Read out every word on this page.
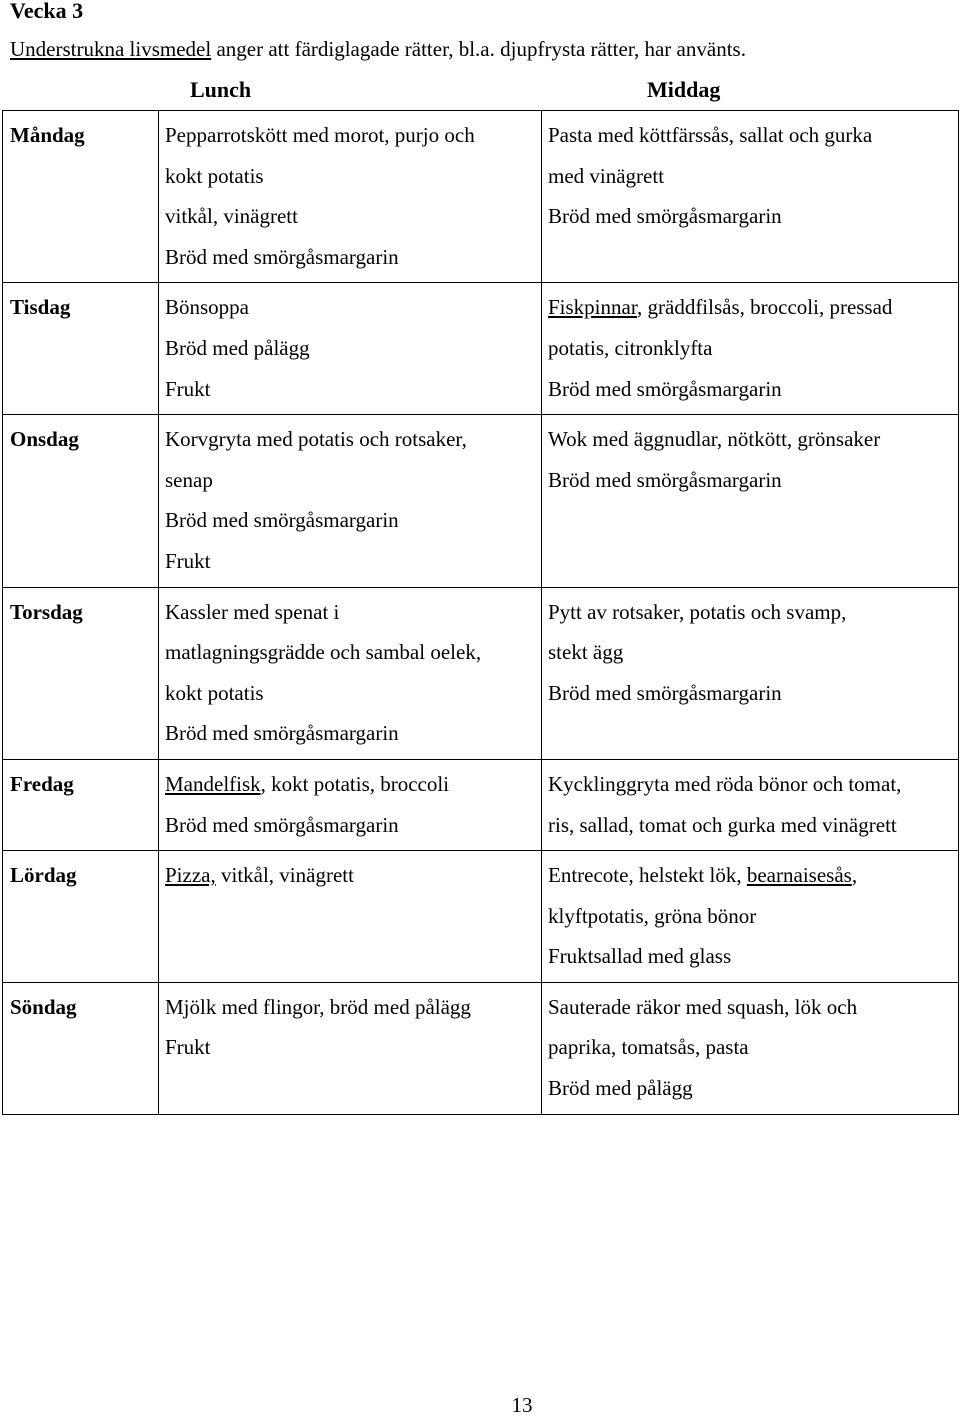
Vecka 3
Understrukna livsmedel anger att färdiglagade rätter, bl.a. djupfrysta rätter, har använts.
Lunch	Middag
Måndag	Pepparrotskött med morot, purjo och
kokt potatis
vitkål, vinägrett
Bröd med smörgåsmargarin	Pasta med köttfärssås, sallat och gurka
med vinägrett
Bröd med smörgåsmargarin

Tisdag	Bönsoppa
Bröd med pålägg
Frukt	Fiskpinnar, gräddfilsås, broccoli, pressad
potatis, citronklyfta
Bröd med smörgåsmargarin

Onsdag	Korvgryta med potatis och rotsaker,
senap
Bröd med smörgåsmargarin
Frukt	Wok med äggnudlar, nötkött, grönsaker
Bröd med smörgåsmargarin

Torsdag	Kassler med spenat i
matlagningsgrädde och sambal oelek,
kokt potatis
Bröd med smörgåsmargarin	Pytt av rotsaker, potatis och svamp,
stekt ägg
Bröd med smörgåsmargarin

Fredag	Mandelfisk, kokt potatis, broccoli
Bröd med smörgåsmargarin	Kycklinggryta med röda bönor och tomat,
ris, sallad, tomat och gurka med vinägrett

Lördag	Pizza, vitkål, vinägrett	Entrecote, helstekt lök, bearnaisesås,
klyftpotatis, gröna bönor
Fruktsallad med glass

Söndag	Mjölk med flingor, bröd med pålägg
Frukt	Sauterade räkor med squash, lök och
paprika, tomatsås, pasta
Bröd med pålägg
13
